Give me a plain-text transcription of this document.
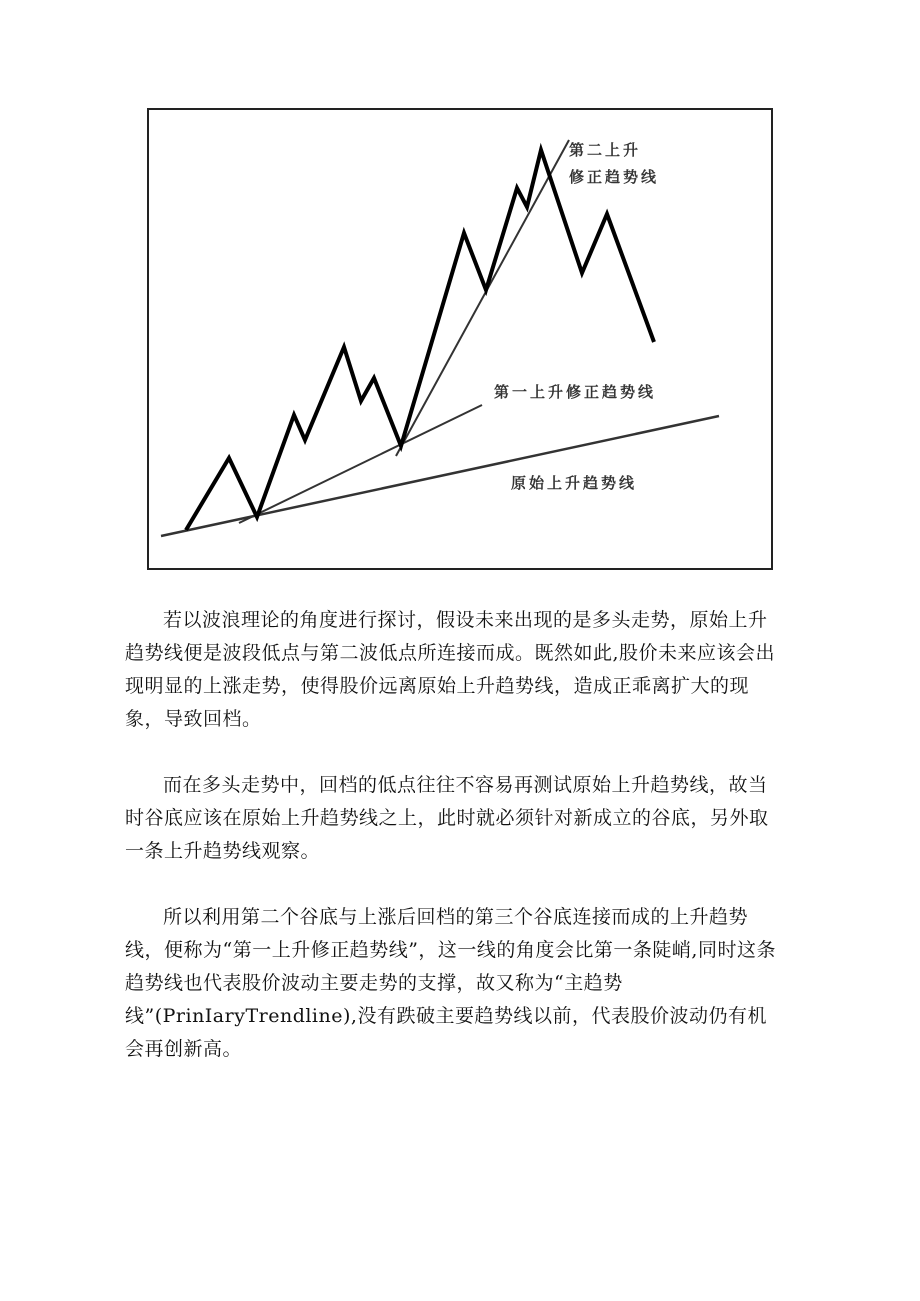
第二上升
修正趋势线
第一上升修正趋势线
原始上升趋势线

若以波浪理论的角度进行探讨，假设未来出现的是多头走势，原始上升趋势线便是波段低点与第二波低点所连接而成。既然如此,股价未来应该会出现明显的上涨走势，使得股价远离原始上升趋势线，造成正乖离扩大的现象，导致回档。

而在多头走势中，回档的低点往往不容易再测试原始上升趋势线，故当时谷底应该在原始上升趋势线之上，此时就必须针对新成立的谷底，另外取一条上升趋势线观察。

所以利用第二个谷底与上涨后回档的第三个谷底连接而成的上升趋势线，便称为“第一上升修正趋势线”，这一线的角度会比第一条陡峭,同时这条趋势线也代表股价波动主要走势的支撑，故又称为“主趋势线”(PrinIaryTrendline),没有跌破主要趋势线以前，代表股价波动仍有机会再创新高。
